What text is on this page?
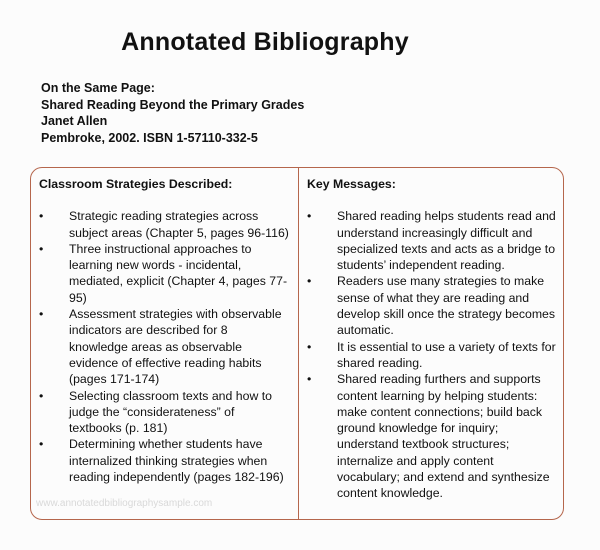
Annotated Bibliography
On the Same Page:
Shared Reading Beyond the Primary Grades
Janet Allen
Pembroke, 2002. ISBN 1-57110-332-5
Classroom Strategies Described:
• Strategic reading strategies across subject areas (Chapter 5, pages 96-116)
• Three instructional approaches to learning new words - incidental, mediated, explicit (Chapter 4, pages 77-95)
• Assessment strategies with observable indicators are described for 8 knowledge areas as observable evidence of effective reading habits (pages 171-174)
• Selecting classroom texts and how to judge the “considerateness” of textbooks (p. 181)
• Determining whether students have internalized thinking strategies when reading independently (pages 182-196)
Key Messages:
• Shared reading helps students read and understand increasingly difficult and specialized texts and acts as a bridge to students’ independent reading.
• Readers use many strategies to make sense of what they are reading and develop skill once the strategy becomes automatic.
• It is essential to use a variety of texts for shared reading.
• Shared reading furthers and supports content learning by helping students: make content connections; build back ground knowledge for inquiry; understand textbook structures; internalize and apply content vocabulary; and extend and synthesize content knowledge.
www.annotatedbibliographysample.com
